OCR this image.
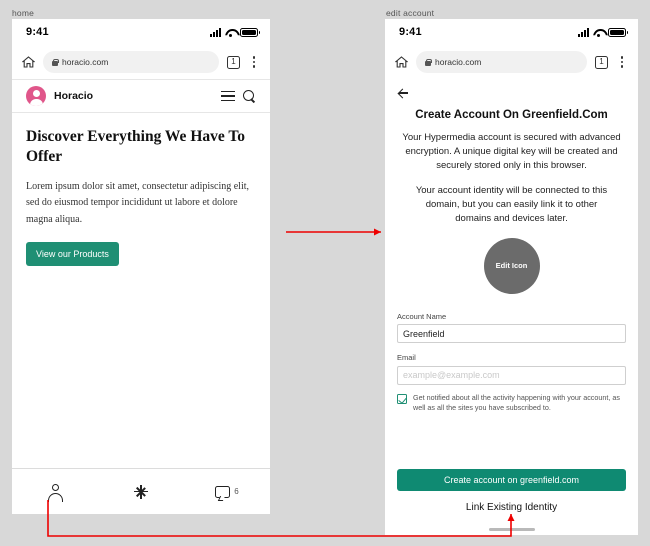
home	edit account
9:41
horacio.com	1
Horacio
Discover Everything We Have To Offer

Lorem ipsum dolor sit amet, consectetur adipiscing elit, sed do eiusmod tempor incididunt ut labore et dolore magna aliqua.

View our Products
6
9:41
horacio.com	1
Create Account On Greenfield.Com

Your Hypermedia account is secured with advanced encryption. A unique digital key will be created and securely stored only in this browser.

Your account identity will be connected to this domain, but you can easily link it to other domains and devices later.

Edit Icon
Account Name
Greenfield
Email
example@example.com
Get notified about all the activity happening with your account, as well as all the sites you have subscribed to.
Create account on greenfield.com
Link Existing Identity
